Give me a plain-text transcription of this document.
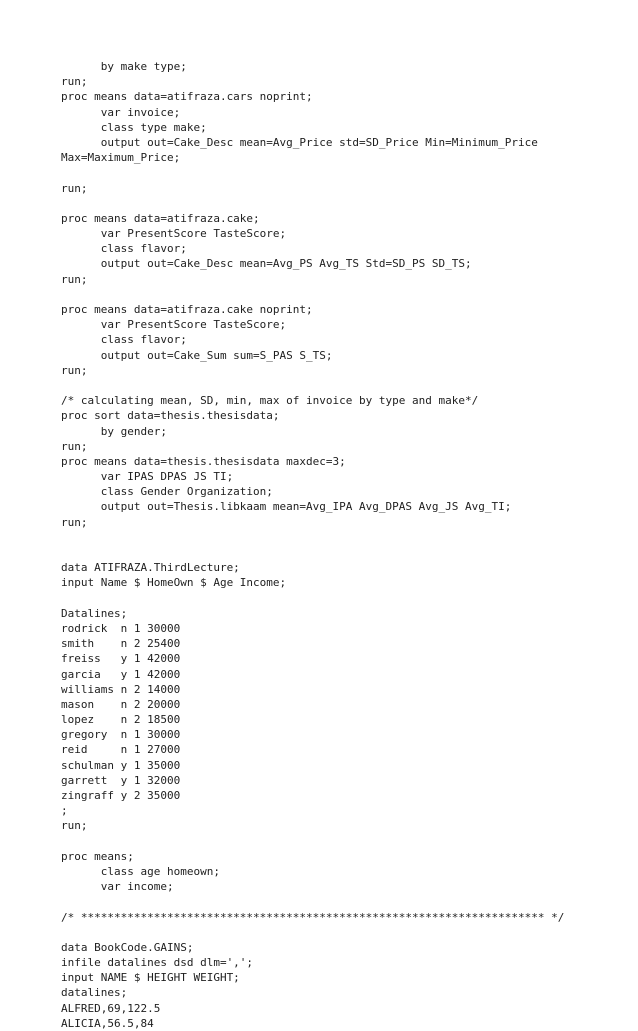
by make type;
run;
proc means data=atifraza.cars noprint;
var invoice;
class type make;
output out=Cake_Desc mean=Avg_Price std=SD_Price Min=Minimum_Price
Max=Maximum_Price;
run;
proc means data=atifraza.cake;
var PresentScore TasteScore;
class flavor;
output out=Cake_Desc mean=Avg_PS Avg_TS Std=SD_PS SD_TS;
run;
proc means data=atifraza.cake noprint;
var PresentScore TasteScore;
class flavor;
output out=Cake_Sum sum=S_PAS S_TS;
run;
/* calculating mean, SD, min, max of invoice by type and make*/
proc sort data=thesis.thesisdata;
by gender;
run;
proc means data=thesis.thesisdata maxdec=3;
var IPAS DPAS JS TI;
class Gender Organization;
output out=Thesis.libkaam mean=Avg_IPA Avg_DPAS Avg_JS Avg_TI;
run;
data ATIFRAZA.ThirdLecture;
input Name $ HomeOwn $ Age Income;
Datalines;
rodrick  n 1 30000
smith    n 2 25400
freiss   y 1 42000
garcia   y 1 42000
williams n 2 14000
mason    n 2 20000
lopez    n 2 18500
gregory  n 1 30000
reid     n 1 27000
schulman y 1 35000
garrett  y 1 32000
zingraff y 2 35000
;
run;
proc means;
class age homeown;
var income;
/* ********************************************************************** */
data BookCode.GAINS;
infile datalines dsd dlm=',';
input NAME $ HEIGHT WEIGHT;
datalines;
ALFRED,69,122.5
ALICIA,56.5,84
